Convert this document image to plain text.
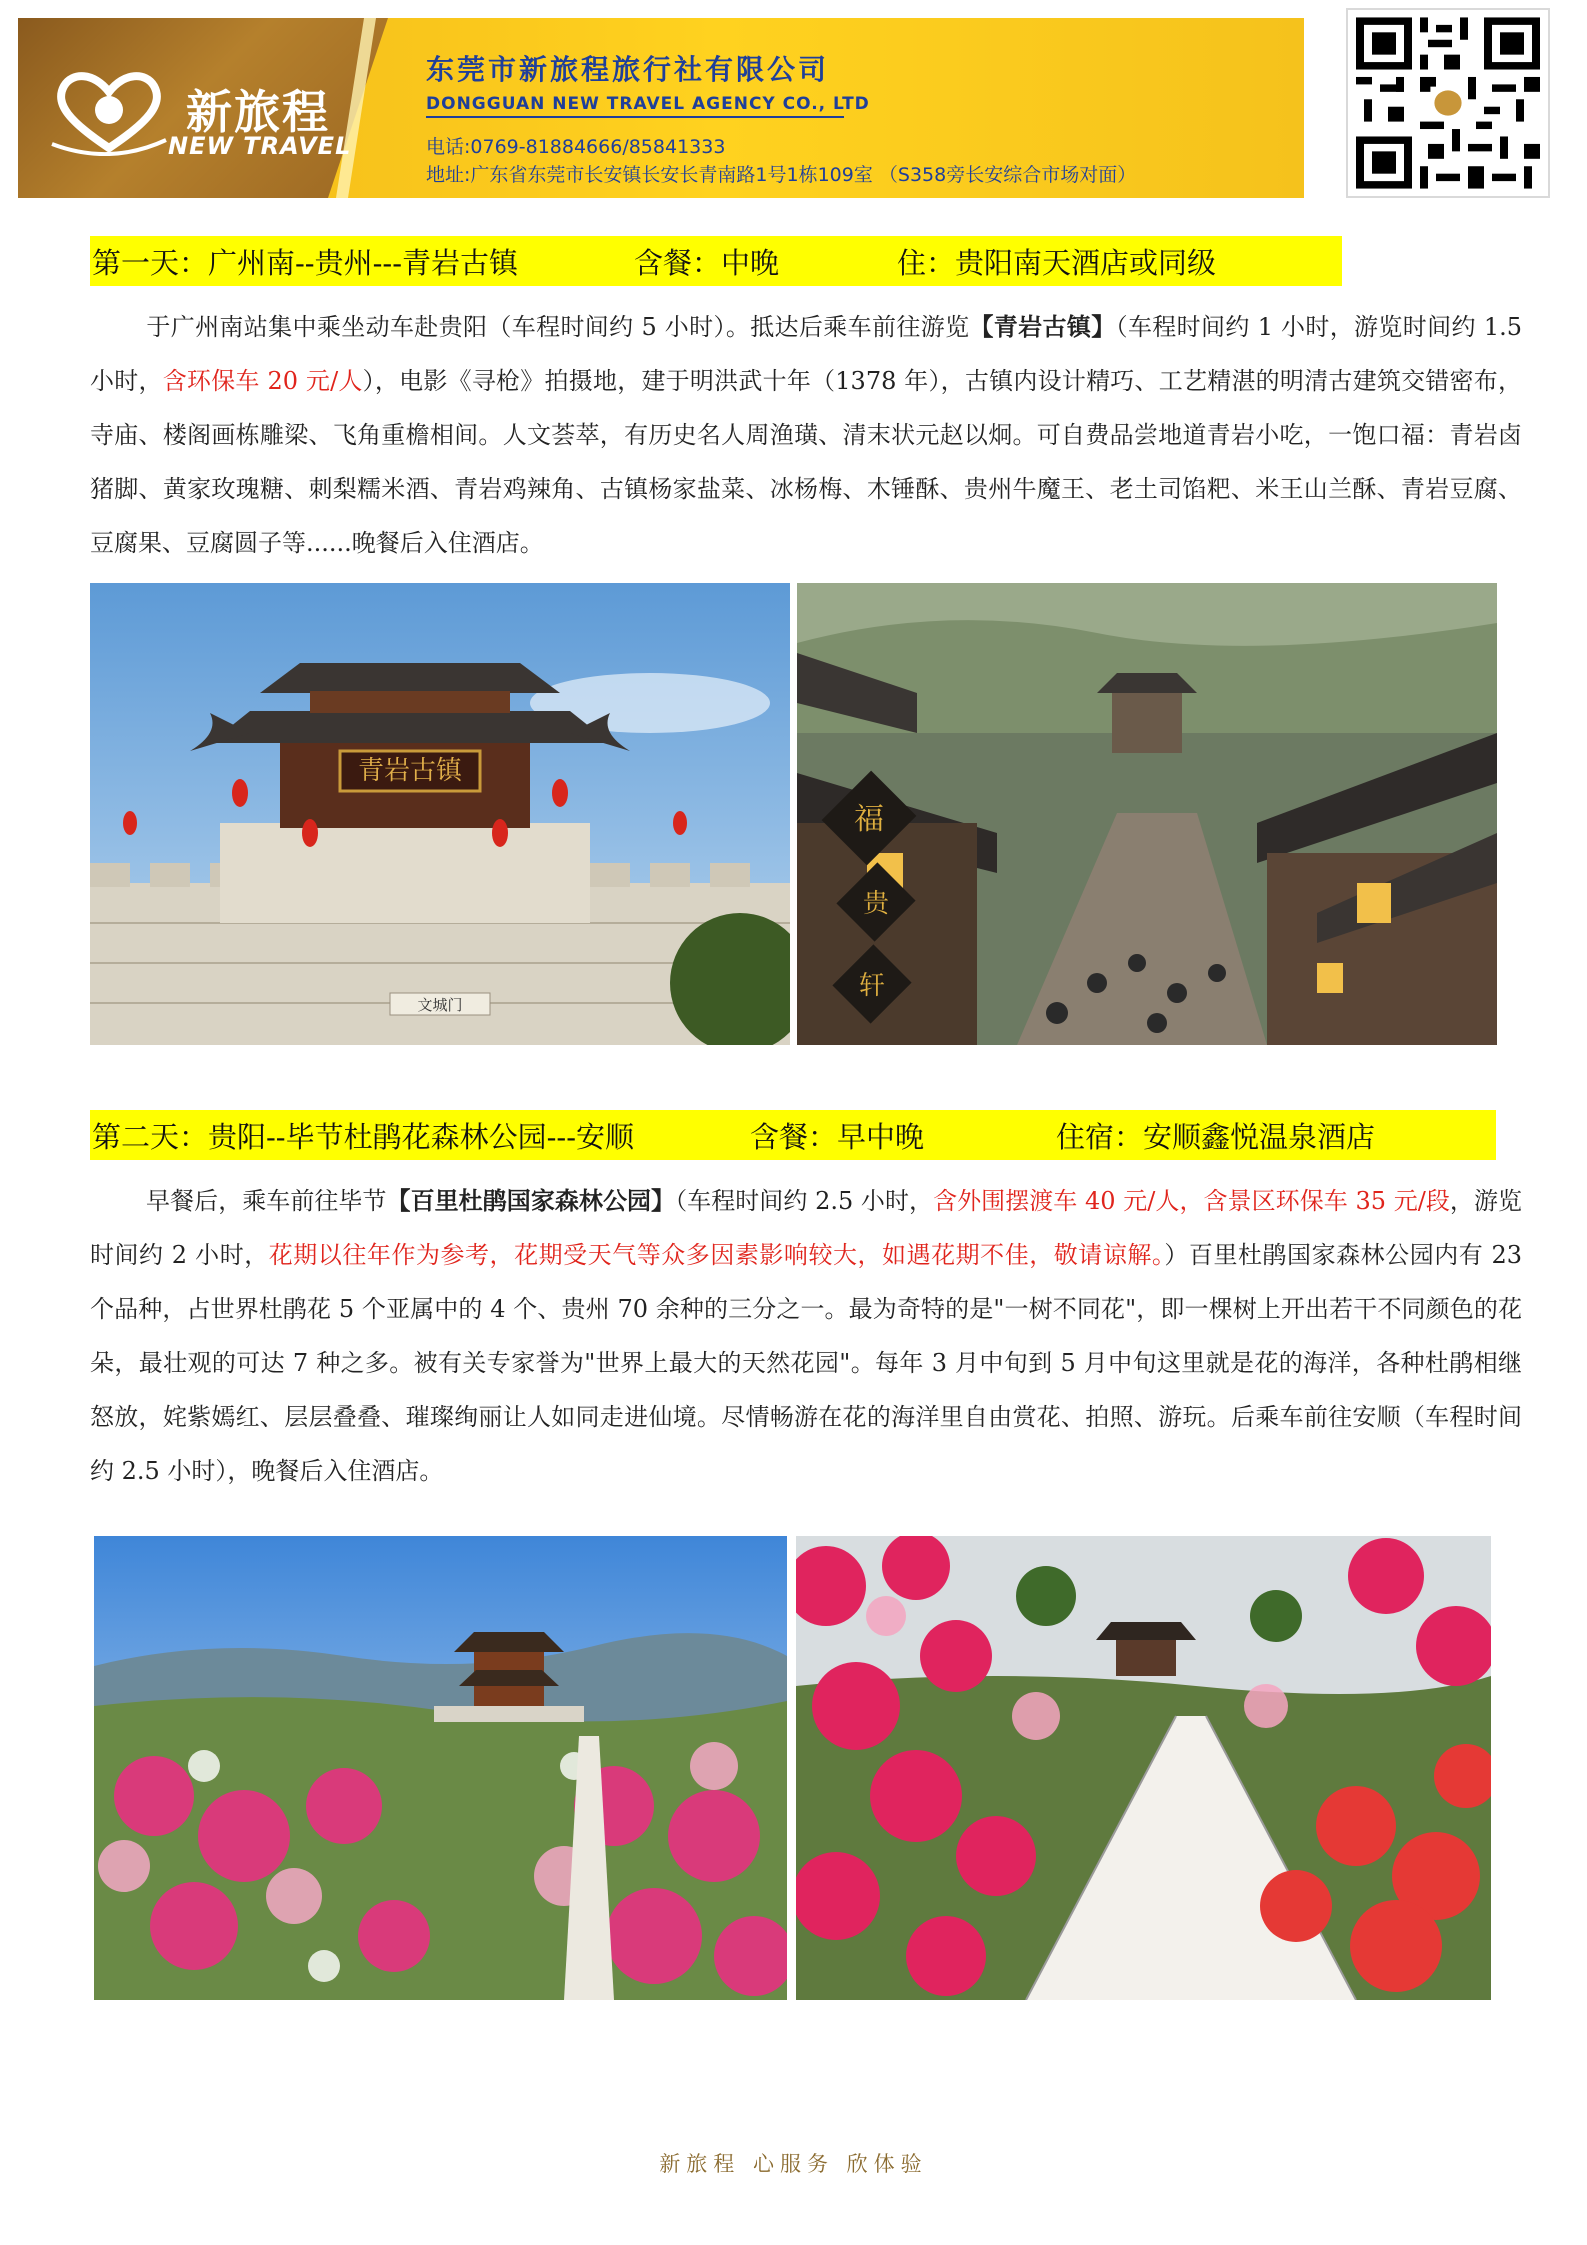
新旅程
NEW TRAVEL
东莞市新旅程旅行社有限公司
DONGGUAN NEW TRAVEL AGENCY CO., LTD
电话:0769-81884666/85841333
地址:广东省东莞市长安镇长安长青南路1号1栋109室 （S358旁长安综合市场对面）
第一天：广州南--贵州---青岩古镇	含餐：中晚	住：贵阳南天酒店或同级
于广州南站集中乘坐动车赴贵阳（车程时间约 5 小时）。抵达后乘车前往游览【青岩古镇】（车程时间约 1 小时，游览时间约 1.5 小时，含环保车 20 元/人），电影《寻枪》拍摄地，建于明洪武十年（1378 年），古镇内设计精巧、工艺精湛的明清古建筑交错密布，寺庙、楼阁画栋雕梁、飞角重檐相间。人文荟萃，有历史名人周渔璜、清末状元赵以炯。可自费品尝地道青岩小吃，一饱口福：青岩卤猪脚、黄家玫瑰糖、刺梨糯米酒、青岩鸡辣角、古镇杨家盐菜、冰杨梅、木锤酥、贵州牛魔王、老土司馅粑、米王山兰酥、青岩豆腐、豆腐果、豆腐圆子等......晚餐后入住酒店。
青岩古镇
文城门
福
贵
轩
第二天：贵阳--毕节杜鹃花森林公园---安顺	含餐：早中晚	住宿：安顺鑫悦温泉酒店
早餐后，乘车前往毕节【百里杜鹃国家森林公园】（车程时间约 2.5 小时，含外围摆渡车 40 元/人，含景区环保车 35 元/段，游览时间约 2 小时，花期以往年作为参考，花期受天气等众多因素影响较大，如遇花期不佳，敬请谅解。）百里杜鹃国家森林公园内有 23 个品种，占世界杜鹃花 5 个亚属中的 4 个、贵州 70 余种的三分之一。最为奇特的是"一树不同花"，即一棵树上开出若干不同颜色的花朵，最壮观的可达 7 种之多。被有关专家誉为"世界上最大的天然花园"。每年 3 月中旬到 5 月中旬这里就是花的海洋，各种杜鹃相继怒放，姹紫嫣红、层层叠叠、璀璨绚丽让人如同走进仙境。尽情畅游在花的海洋里自由赏花、拍照、游玩。后乘车前往安顺（车程时间约 2.5 小时），晚餐后入住酒店。
新旅程 心服务 欣体验
